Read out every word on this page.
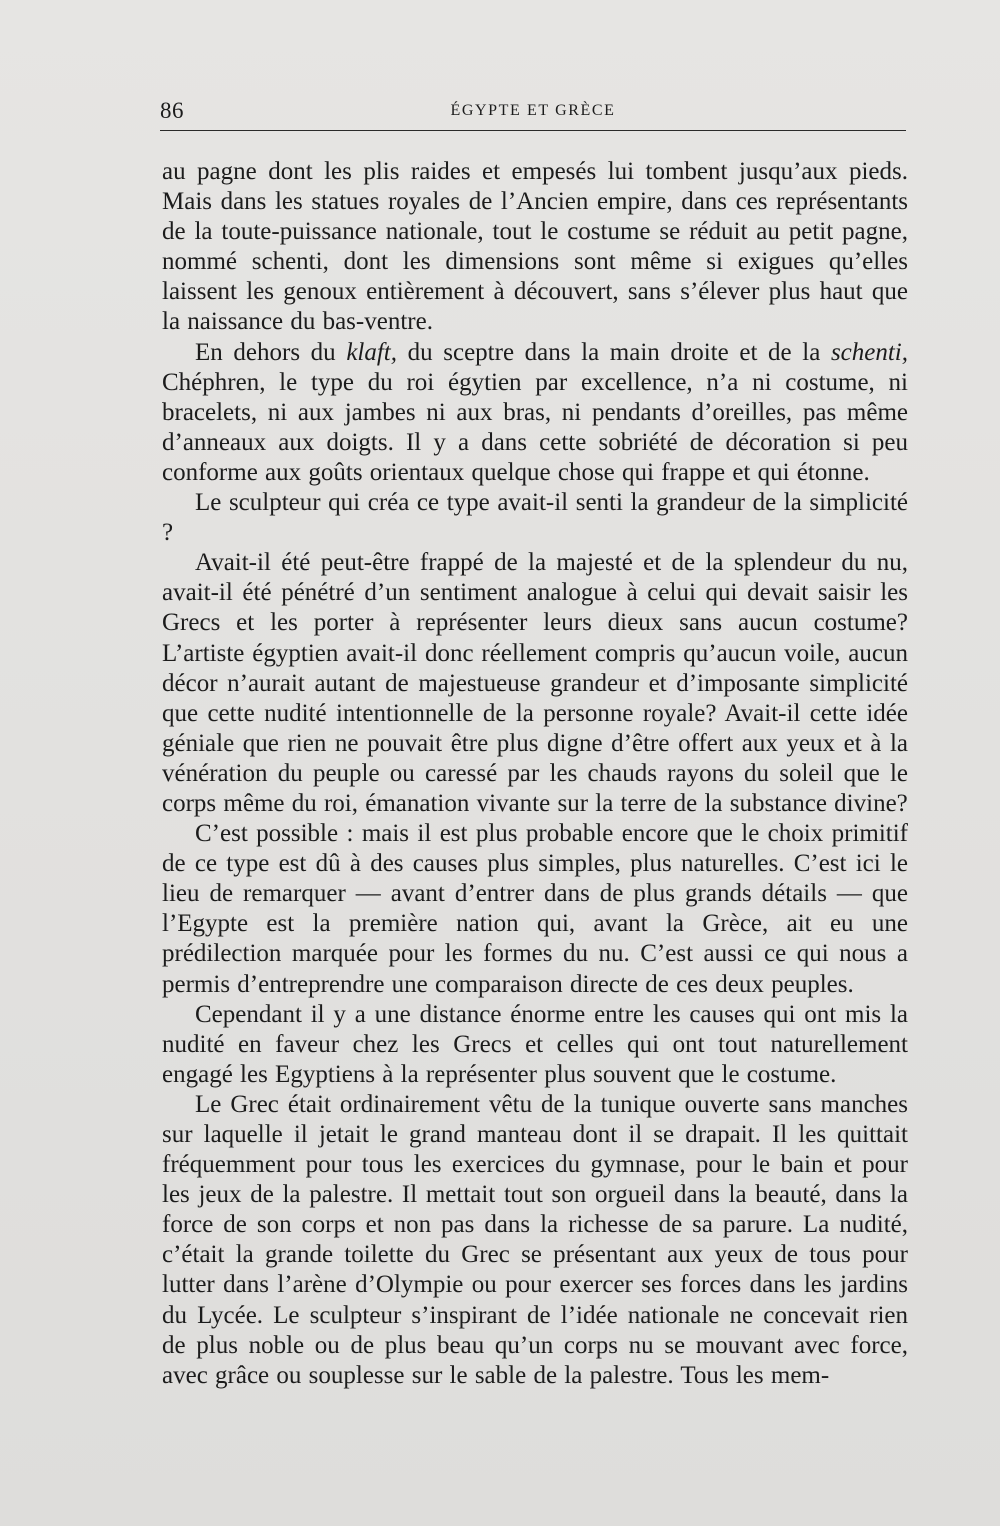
86	ÉGYPTE ET GRÈCE

au pagne dont les plis raides et empesés lui tombent jusqu’aux pieds. Mais dans les statues royales de l’Ancien empire, dans ces représentants de la toute-puissance nationale, tout le costume se réduit au petit pagne, nommé schenti, dont les dimensions sont même si exigues qu’elles laissent les genoux entièrement à découvert, sans s’élever plus haut que la naissance du bas-ventre.

En dehors du klaft, du sceptre dans la main droite et de la schenti, Chéphren, le type du roi égytien par excellence, n’a ni costume, ni bracelets, ni aux jambes ni aux bras, ni pendants d’oreilles, pas même d’anneaux aux doigts. Il y a dans cette sobriété de décoration si peu conforme aux goûts orientaux quelque chose qui frappe et qui étonne.

Le sculpteur qui créa ce type avait-il senti la grandeur de la simplicité ?

Avait-il été peut-être frappé de la majesté et de la splendeur du nu, avait-il été pénétré d’un sentiment analogue à celui qui devait saisir les Grecs et les porter à représenter leurs dieux sans aucun costume? L’artiste égyptien avait-il donc réellement compris qu’aucun voile, aucun décor n’aurait autant de majestueuse grandeur et d’imposante simplicité que cette nudité intentionnelle de la personne royale? Avait-il cette idée géniale que rien ne pouvait être plus digne d’être offert aux yeux et à la vénération du peuple ou caressé par les chauds rayons du soleil que le corps même du roi, émanation vivante sur la terre de la substance divine?

C’est possible : mais il est plus probable encore que le choix primitif de ce type est dû à des causes plus simples, plus naturelles. C’est ici le lieu de remarquer — avant d’entrer dans de plus grands détails — que l’Egypte est la première nation qui, avant la Grèce, ait eu une prédilection marquée pour les formes du nu. C’est aussi ce qui nous a permis d’entreprendre une comparaison directe de ces deux peuples.

Cependant il y a une distance énorme entre les causes qui ont mis la nudité en faveur chez les Grecs et celles qui ont tout naturellement engagé les Egyptiens à la représenter plus souvent que le costume.

Le Grec était ordinairement vêtu de la tunique ouverte sans manches sur laquelle il jetait le grand manteau dont il se drapait. Il les quittait fréquemment pour tous les exercices du gymnase, pour le bain et pour les jeux de la palestre. Il mettait tout son orgueil dans la beauté, dans la force de son corps et non pas dans la richesse de sa parure. La nudité, c’était la grande toilette du Grec se présentant aux yeux de tous pour lutter dans l’arène d’Olympie ou pour exercer ses forces dans les jardins du Lycée. Le sculpteur s’inspirant de l’idée nationale ne concevait rien de plus noble ou de plus beau qu’un corps nu se mouvant avec force, avec grâce ou souplesse sur le sable de la palestre. Tous les mem-
